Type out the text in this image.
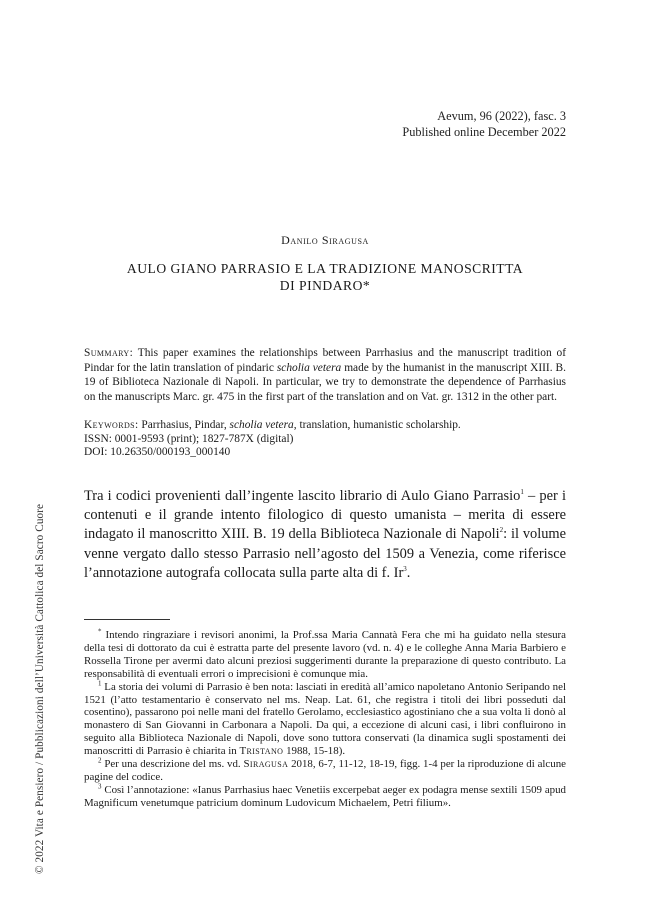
Aevum, 96 (2022), fasc. 3
Published online December 2022
Danilo Siragusa
AULO GIANO PARRASIO E LA TRADIZIONE MANOSCRITTA
DI PINDARO*
Summary: This paper examines the relationships between Parrhasius and the manuscript tradition of Pindar for the latin translation of pindaric scholia vetera made by the humanist in the manuscript XIII. B. 19 of Biblioteca Nazionale di Napoli. In particular, we try to demonstrate the dependence of Parrhasius on the manuscripts Marc. gr. 475 in the first part of the translation and on Vat. gr. 1312 in the other part.
Keywords: Parrhasius, Pindar, scholia vetera, translation, humanistic scholarship.
ISSN: 0001-9593 (print); 1827-787X (digital)
DOI: 10.26350/000193_000140
Tra i codici provenienti dall’ingente lascito librario di Aulo Giano Parrasio$^1$ – per i contenuti e il grande intento filologico di questo umanista – merita di essere indagato il manoscritto XIII. B. 19 della Biblioteca Nazionale di Napoli$^2$: il volume venne vergato dallo stesso Parrasio nell’agosto del 1509 a Venezia, come riferisce l’annotazione autografa collocata sulla parte alta di f. Ir$^3$.

* Intendo ringraziare i revisori anonimi, la Prof.ssa Maria Cannatà Fera che mi ha guidato nella stesura della tesi di dottorato da cui è estratta parte del presente lavoro (vd. n. 4) e le colleghe Anna Maria Barbiero e Rossella Tirone per avermi dato alcuni preziosi suggerimenti durante la preparazione di questo contributo. La responsabilità di eventuali errori o imprecisioni è comunque mia.

$^1$ La storia dei volumi di Parrasio è ben nota: lasciati in eredità all’amico napoletano Antonio Seripando nel 1521 (l’atto testamentario è conservato nel ms. Neap. Lat. 61, che registra i titoli dei libri posseduti dal cosentino), passarono poi nelle mani del fratello Gerolamo, ecclesiastico agostiniano che a sua volta li donò al monastero di San Giovanni in Carbonara a Napoli. Da qui, a eccezione di alcuni casi, i libri confluirono in seguito alla Biblioteca Nazionale di Napoli, dove sono tuttora conservati (la dinamica sugli spostamenti dei manoscritti di Parrasio è chiarita in Tristano 1988, 15-18).

$^2$ Per una descrizione del ms. vd. Siragusa 2018, 6-7, 11-12, 18-19, figg. 1-4 per la riproduzione di alcune pagine del codice.

$^3$ Così l’annotazione: «Ianus Parrhasius haec Venetiis excerpebat aeger ex podagra mense sextili 1509 apud Magnificum venetumque patricium domìnum Ludovicum Michaelem, Petri filium».

© 2022 Vita e Pensiero / Pubblicazioni dell’Università Cattolica del Sacro Cuore
